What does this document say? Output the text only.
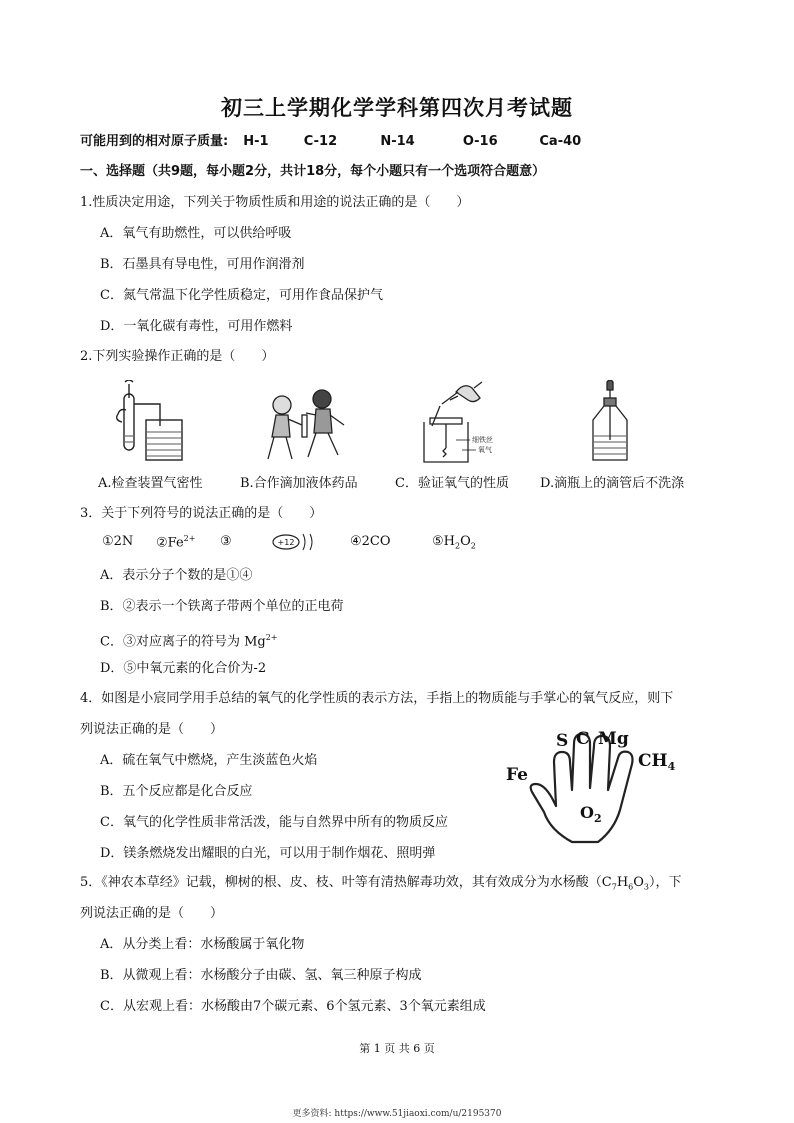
初三上学期化学学科第四次月考试题
可能用到的相对原子质量: H-1	C-12	N-14	O-16	Ca-40
一、选择题（共9题，每小题2分，共计18分，每个小题只有一个选项符合题意）
1.性质决定用途，下列关于物质性质和用途的说法正确的是（　　）
A．氧气有助燃性，可以供给呼吸
B．石墨具有导电性，可用作润滑剂
C．氮气常温下化学性质稳定，可用作食品保护气
D．一氧化碳有毒性，可用作燃料
2.下列实验操作正确的是（　　）
细铁丝
氧气
A.检查装置气密性	B.合作滴加液体药品	C．验证氧气的性质 D.滴瓶上的滴管后不洗涤
3．关于下列符号的说法正确的是（　　）
①2N $②Fe^{2+}$ ③	+12	④2CO	$⑤H_2O_2$
A．表示分子个数的是①④
B．②表示一个铁离子带两个单位的正电荷
C．③对应离子的符号为 $Mg^{2+}$
D．⑤中氧元素的化合价为-2
4．如图是小宸同学用手总结的氧气的化学性质的表示方法，手指上的物质能与手掌心的氧气反应，则下
列说法正确的是（　　）
Fe
S C Mg
$CH_4$
$O_2$
A．硫在氧气中燃烧，产生淡蓝色火焰
B．五个反应都是化合反应
C．氧气的化学性质非常活泼，能与自然界中所有的物质反应
D．镁条燃烧发出耀眼的白光，可以用于制作烟花、照明弹
5．《神农本草经》记载，柳树的根、皮、枝、叶等有清热解毒功效，其有效成分为水杨酸$(C_7H_6O_3)$，下
列说法正确的是（　　）
A．从分类上看：水杨酸属于氧化物
B．从微观上看：水杨酸分子由碳、氢、氧三种原子构成
C．从宏观上看：水杨酸由7个碳元素、6个氢元素、3个氧元素组成
第 1 页 共 6 页
更多资料: https://www.51jiaoxi.com/u/2195370
